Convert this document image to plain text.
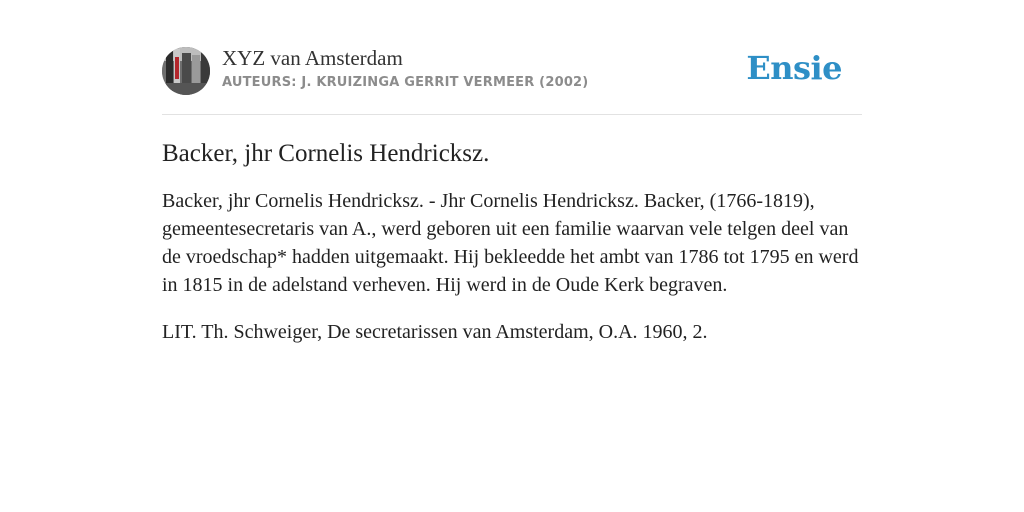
XYZ van Amsterdam
AUTEURS: J. KRUIZINGA GERRIT VERMEER (2002)	Ensie
Backer, jhr Cornelis Hendricksz.

Backer, jhr Cornelis Hendricksz. - Jhr Cornelis Hendricksz. Backer, (1766-1819), gemeentesecretaris van A., werd geboren uit een familie waarvan vele telgen deel van de vroedschap* hadden uitgemaakt. Hij bekleedde het ambt van 1786 tot 1795 en werd in 1815 in de adelstand verheven. Hij werd in de Oude Kerk begraven.

LIT. Th. Schweiger, De secretarissen van Amsterdam, O.A. 1960, 2.
